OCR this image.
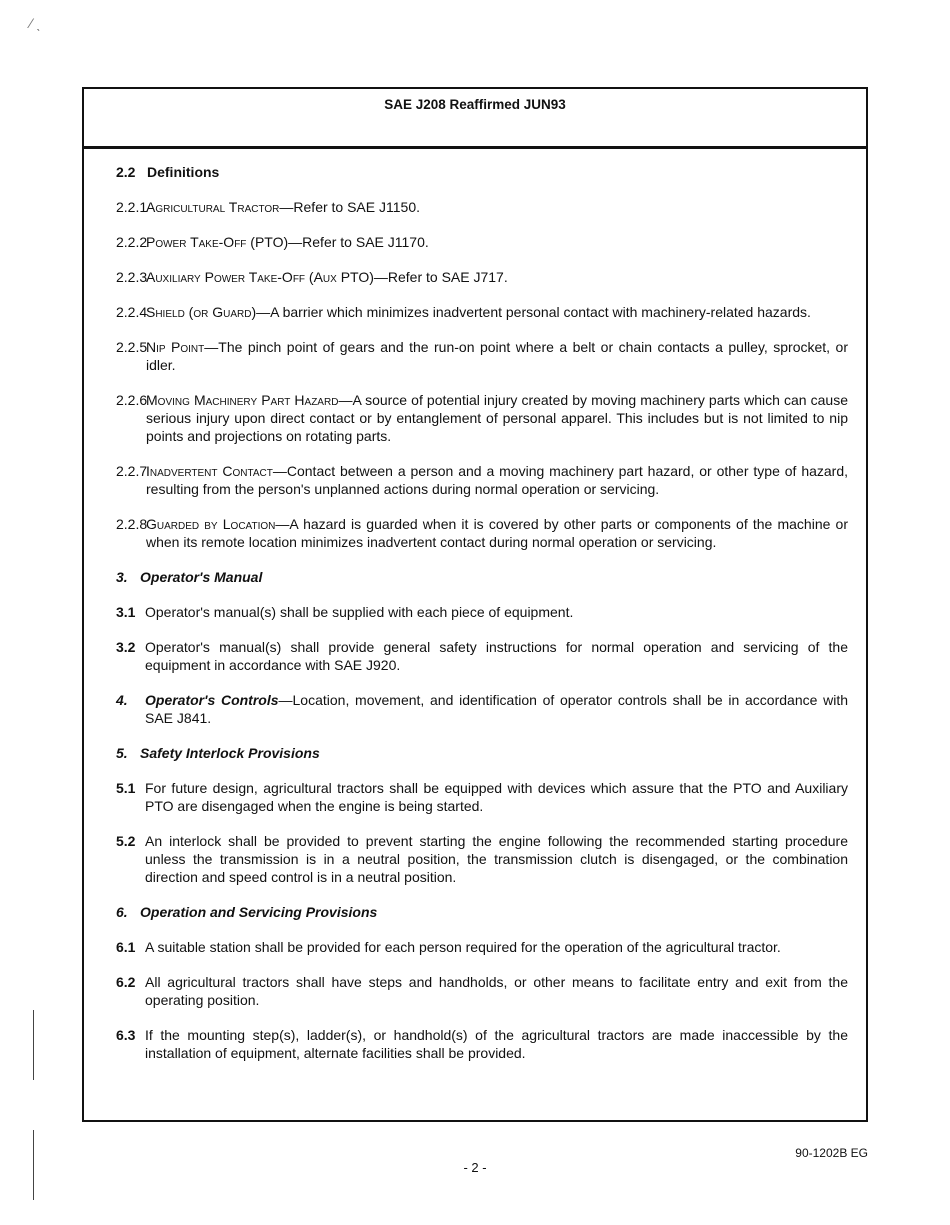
⁄ ˎ
SAE J208 Reaffirmed JUN93
2.2 Definitions
2.2.1
Agricultural Tractor—Refer to SAE J1150.
2.2.2
Power Take-Off (PTO)—Refer to SAE J1170.
2.2.3
Auxiliary Power Take-Off (Aux PTO)—Refer to SAE J717.
2.2.4
Shield (or Guard)—A barrier which minimizes inadvertent personal contact with machinery-related hazards.
2.2.5
Nip Point—The pinch point of gears and the run-on point where a belt or chain contacts a pulley, sprocket, or idler.
2.2.6
Moving Machinery Part Hazard—A source of potential injury created by moving machinery parts which can cause serious injury upon direct contact or by entanglement of personal apparel. This includes but is not limited to nip points and projections on rotating parts.
2.2.7
Inadvertent Contact—Contact between a person and a moving machinery part hazard, or other type of hazard, resulting from the person's unplanned actions during normal operation or servicing.
2.2.8
Guarded by Location—A hazard is guarded when it is covered by other parts or components of the machine or when its remote location minimizes inadvertent contact during normal operation or servicing.
3. Operator's Manual
3.1 Operator's manual(s) shall be supplied with each piece of equipment.
3.2 Operator's manual(s) shall provide general safety instructions for normal operation and servicing of the equipment in accordance with SAE J920.
4. Operator's Controls—Location, movement, and identification of operator controls shall be in accordance with SAE J841.
5. Safety Interlock Provisions
5.1 For future design, agricultural tractors shall be equipped with devices which assure that the PTO and Auxiliary PTO are disengaged when the engine is being started.
5.2 An interlock shall be provided to prevent starting the engine following the recommended starting procedure unless the transmission is in a neutral position, the transmission clutch is disengaged, or the combination direction and speed control is in a neutral position.
6. Operation and Servicing Provisions
6.1 A suitable station shall be provided for each person required for the operation of the agricultural tractor.
6.2 All agricultural tractors shall have steps and handholds, or other means to facilitate entry and exit from the operating position.
6.3 If the mounting step(s), ladder(s), or handhold(s) of the agricultural tractors are made inaccessible by the installation of equipment, alternate facilities shall be provided.
90-1202B EG
- 2 -
